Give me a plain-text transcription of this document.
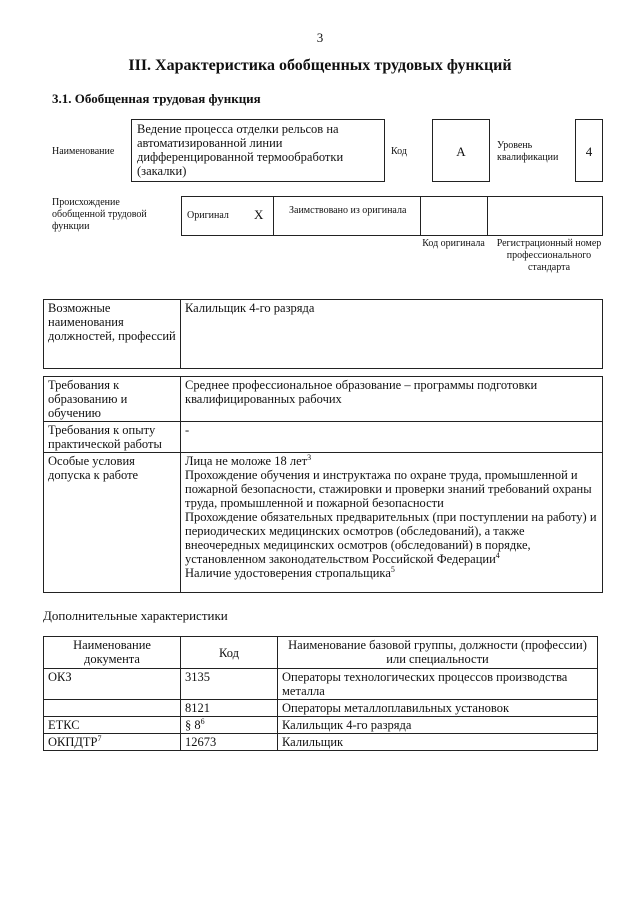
3
III. Характеристика обобщенных трудовых функций
3.1. Обобщенная трудовая функция
Наименование
Ведение процесса отделки рельсов на автоматизированной линии дифференцированной термообработки (закалки)
Код	А	Уровень квалификации	4
Происхождение обобщенной трудовой функции
Оригинал X	Заимствовано из оригинала
Код оригинала	Регистрационный номер профессионального стандарта
Возможные наименования должностей, профессий	Калильщик 4-го разряда
Требования к образованию и обучению	Среднее профессиональное образование – программы подготовки квалифицированных рабочих
Требования к опыту практической работы	-
Особые условия допуска к работе	Лица не моложе 18 лет$^3$
Прохождение обучения и инструктажа по охране труда, промышленной и пожарной безопасности, стажировки и проверки знаний требований охраны труда, промышленной и пожарной безопасности
Прохождение обязательных предварительных (при поступлении на работу) и периодических медицинских осмотров (обследований), а также внеочередных медицинских осмотров (обследований) в порядке, установленном законодательством Российской Федерации$^4$
Наличие удостоверения стропальщика$^5$
Дополнительные характеристики
Наименование документа	Код	Наименование базовой группы, должности (профессии) или специальности
ОКЗ	3135	Операторы технологических процессов производства металла
	8121	Операторы металлоплавильных установок
ЕТКС	§ $8^6$	Калильщик 4-го разряда
ОКПДТР$^7$	12673	Калильщик
